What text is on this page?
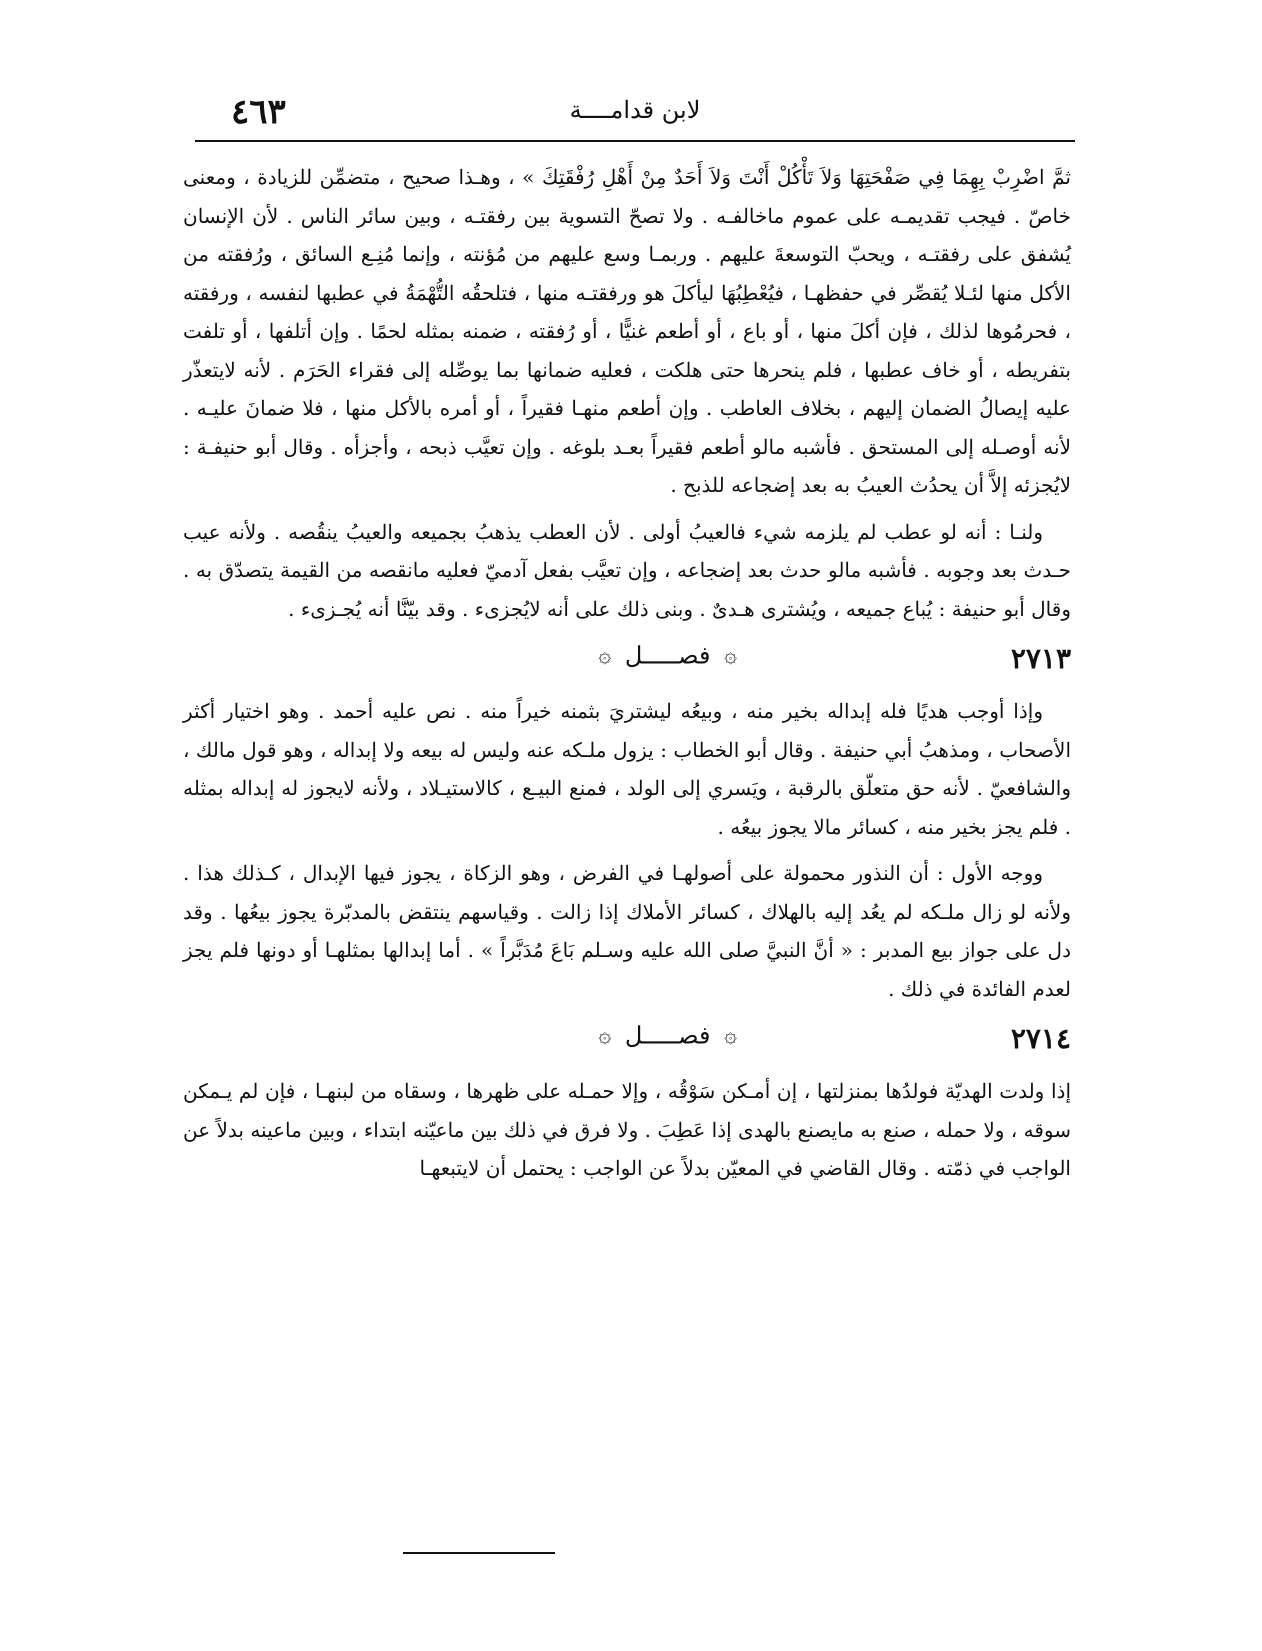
٤٦٣	لابن قدامــــة

ثمَّ اضْرِبْ بِهِمَا فِي صَفْحَتِهَا وَلاَ تَأْكُلْ أَنْتَ وَلاَ أَحَدٌ مِنْ أَهْلِ رُفْقَتِكَ » ، وهـذا صحيح ، متضمِّن للزيادة ، ومعنى خاصّ . فيجب تقديمـه على عموم ماخالفـه . ولا تصحّ التسوية بين رفقتـه ، وبين سائر الناس . لأن الإنسان يُشفق على رفقتـه ، ويحبّ التوسعةَ عليهم . وربمـا وسع عليهم من مُؤنته ، وإنما مُنِـع السائق ، ورُفقته من الأكل منها لئـلا يُقصِّر في حفظهـا ، فيُعْطِبُهَا ليأكلَ هو ورفقتـه منها ، فتلحقُه التُّهْمَةُ في عطبها لنفسه ، ورفقته ، فحرمُوها لذلك ، فإن أكلَ منها ، أو باع ، أو أطعم غنيًّا ، أو رُفقته ، ضمنه بمثله لحمًا . وإن أتلفها ، أو تلفت بتفريطه ، أو خاف عطبها ، فلم ينحرها حتى هلكت ، فعليه ضمانها بما يوصِّله إلى فقراء الحَرَم . لأنه لايتعذّر عليه إيصالُ الضمان إليهم ، بخلاف العاطب . وإن أطعم منهـا فقيراً ، أو أمره بالأكل منها ، فلا ضمانَ عليـه . لأنه أوصـله إلى المستحق . فأشبه مالو أطعم فقيراً بعـد بلوغه . وإن تعيَّب ذبحه ، وأجزأه . وقال أبو حنيفـة : لايُجزئه إلاَّ أن يحدُث العيبُ به بعد إضجاعه للذبح .

ولنـا : أنه لو عطب لم يلزمه شيء فالعيبُ أولى . لأن العطب يذهبُ بجميعه والعيبُ ينقُصه . ولأنه عيب حـدث بعد وجوبه . فأشبه مالو حدث بعد إضجاعه ، وإن تعيَّب بفعل آدميّ فعليه مانقصه من القيمة يتصدّق به . وقال أبو حنيفة : يُباع جميعه ، ويُشترى هـدىٌ . وبنى ذلك على أنه لايُجزىء . وقد بيّنَّا أنه يُجـزىء .

٢٧١٣
۞ فصـــــل ۞

وإذا أوجب هديًا فله إبداله بخير منه ، وبيعُه ليشتريَ بثمنه خيراً منه . نص عليه أحمد . وهو اختيار أكثر الأصحاب ، ومذهبُ أبي حنيفة . وقال أبو الخطاب : يزول ملـكه عنه وليس له بيعه ولا إبداله ، وهو قول مالك ، والشافعيّ . لأنه حق متعلّق بالرقبة ، ويَسري إلى الولد ، فمنع البيـع ، كالاستيـلاد ، ولأنه لايجوز له إبداله بمثله . فلم يجز بخير منه ، كسائر مالا يجوز بيعُه .

ووجه الأول : أن النذور محمولة على أصولهـا في الفرض ، وهو الزكاة ، يجوز فيها الإبدال ، كـذلك هذا . ولأنه لو زال ملـكه لم يعُد إليه بالهلاك ، كسائر الأملاك إذا زالت . وقياسهم ينتقض بالمدبّرة يجوز بيعُها . وقد دل على جواز بيع المدبر : « أنَّ النبيَّ صلى الله عليه وسـلم بَاعَ مُدَبَّراً » . أما إبدالها بمثلهـا أو دونها فلم يجز لعدم الفائدة في ذلك .

٢٧١٤
۞ فصـــــل ۞

إذا ولدت الهديّة فولدُها بمنزلتها ، إن أمـكن سَوْقُه ، وإلا حمـله على ظهرها ، وسقاه من لبنهـا ، فإن لم يـمكن سوقه ، ولا حمله ، صنع به مايصنع بالهدى إذا عَطِبَ . ولا فرق في ذلك بين ماعيّنه ابتداء ، وبين ماعينه بدلاً عن الواجب في ذمّته . وقال القاضي في المعيّن بدلاً عن الواجب : يحتمل أن لايتبعهـا
